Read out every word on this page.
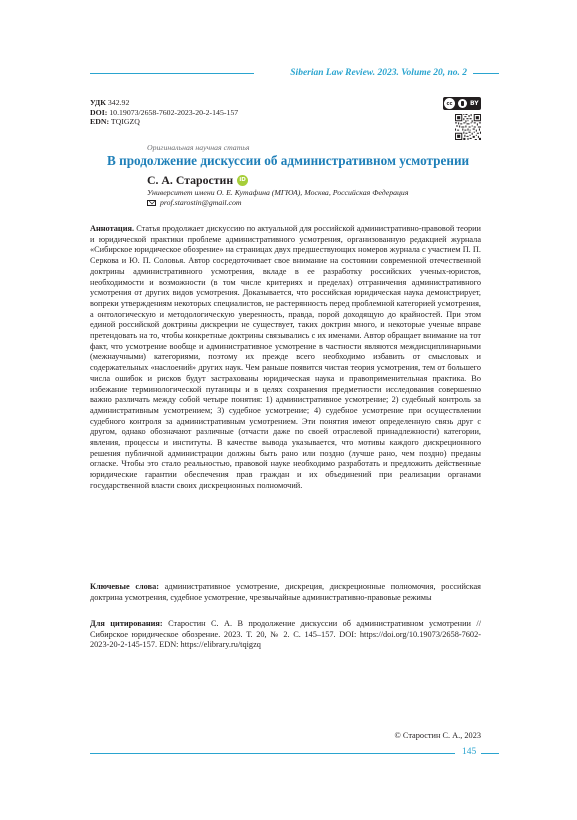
Siberian Law Review. 2023. Volume 20, no. 2
УДК 342.92
DOI: 10.19073/2658-7602-2023-20-2-145-157
EDN: TQIGZQ
cc	BY
Оригинальная научная статья
В продолжение дискуссии об административном усмотрении
С. А. Старостин	iD
Университет имени О. Е. Кутафина (МГЮА), Москва, Российская Федерация
prof.starostin@gmail.com

Аннотация. Статья продолжает дискуссию по актуальной для российской административно-правовой теории и юридической практики проблеме административного усмотрения, организованную редакцией журнала «Сибирское юридическое обозрение» на страницах двух предшествующих номеров журнала с участием П. П. Серкова и Ю. П. Соловья. Автор сосредоточивает свое внимание на состоянии современной отечественной доктрины административного усмотрения, вкладе в ее разработку российских ученых-юристов, необходимости и возможности (в том числе критериях и пределах) отграничения административного усмотрения от других видов усмотрения. Доказывается, что российская юридическая наука демонстрирует, вопреки утверждениям некоторых специалистов, не растерянность перед проблемной категорией усмотрения, а онтологическую и методологическую уверенность, правда, порой доходящую до крайностей. При этом единой российской доктрины дискреции не существует, таких доктрин много, и некоторые ученые вправе претендовать на то, чтобы конкретные доктрины связывались с их именами. Автор обращает внимание на тот факт, что усмотрение вообще и административное усмотрение в частности являются междисциплинарными (межнаучными) категориями, поэтому их прежде всего необходимо избавить от смысловых и содержательных «наслоений» других наук. Чем раньше появится чистая теория усмотрения, тем от большего числа ошибок и рисков будут застрахованы юридическая наука и правоприменительная практика. Во избежание терминологической путаницы и в целях сохранения предметности исследования совершенно важно различать между собой четыре понятия: 1) административное усмотрение; 2) судебный контроль за административным усмотрением; 3) судебное усмотрение; 4) судебное усмотрение при осуществлении судебного контроля за административным усмотрением. Эти понятия имеют определенную связь друг с другом, однако обозначают различные (отчасти даже по своей отраслевой принадлежности) категории, явления, процессы и институты. В качестве вывода указывается, что мотивы каждого дискреционного решения публичной администрации должны быть рано или поздно (лучше рано, чем поздно) преданы огласке. Чтобы это стало реальностью, правовой науке необходимо разработать и предложить действенные юридические гарантии обеспечения прав граждан и их объединений при реализации органами государственной власти своих дискреционных полномочий.

Ключевые слова: административное усмотрение, дискреция, дискреционные полномочия, российская доктрина усмотрения, судебное усмотрение, чрезвычайные административно-правовые режимы
Для цитирования: Старостин С. А. В продолжение дискуссии об административном усмотрении // Сибирское юридическое обозрение. 2023. Т. 20, № 2. С. 145–157. DOI: https://doi.org/10.19073/2658-7602-2023-20-2-145-157. EDN: https://elibrary.ru/tqigzq
© Старостин С. А., 2023
145
